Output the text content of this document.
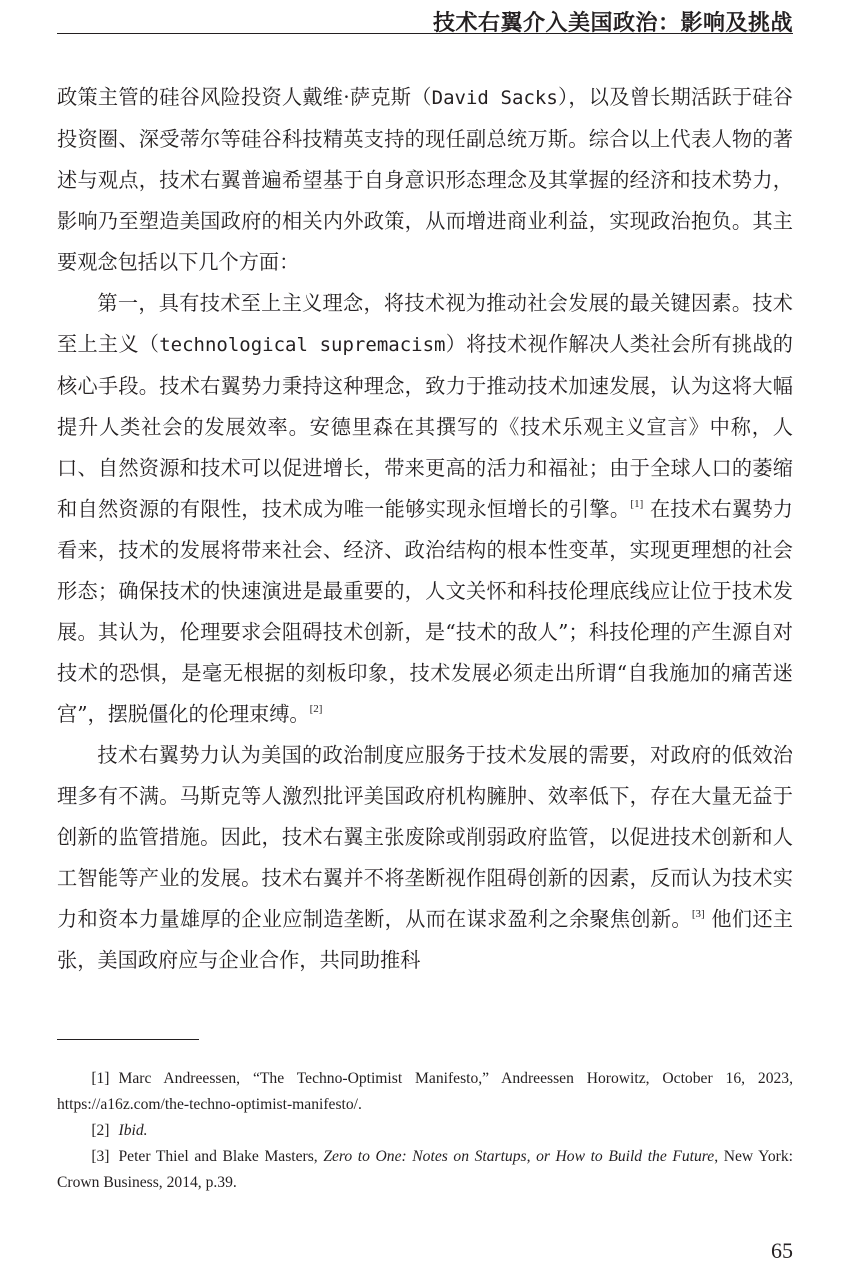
技术右翼介入美国政治：影响及挑战

政策主管的硅谷风险投资人戴维·萨克斯（David Sacks），以及曾长期活跃于硅谷投资圈、深受蒂尔等硅谷科技精英支持的现任副总统万斯。综合以上代表人物的著述与观点，技术右翼普遍希望基于自身意识形态理念及其掌握的经济和技术势力，影响乃至塑造美国政府的相关内外政策，从而增进商业利益，实现政治抱负。其主要观念包括以下几个方面：

第一，具有技术至上主义理念，将技术视为推动社会发展的最关键因素。技术至上主义（technological supremacism）将技术视作解决人类社会所有挑战的核心手段。技术右翼势力秉持这种理念，致力于推动技术加速发展，认为这将大幅提升人类社会的发展效率。安德里森在其撰写的《技术乐观主义宣言》中称，人口、自然资源和技术可以促进增长，带来更高的活力和福祉；由于全球人口的萎缩和自然资源的有限性，技术成为唯一能够实现永恒增长的引擎。[1] 在技术右翼势力看来，技术的发展将带来社会、经济、政治结构的根本性变革，实现更理想的社会形态；确保技术的快速演进是最重要的，人文关怀和科技伦理底线应让位于技术发展。其认为，伦理要求会阻碍技术创新，是“技术的敌人”；科技伦理的产生源自对技术的恐惧，是毫无根据的刻板印象，技术发展必须走出所谓“自我施加的痛苦迷宫”，摆脱僵化的伦理束缚。[2]

技术右翼势力认为美国的政治制度应服务于技术发展的需要，对政府的低效治理多有不满。马斯克等人激烈批评美国政府机构臃肿、效率低下，存在大量无益于创新的监管措施。因此，技术右翼主张废除或削弱政府监管，以促进技术创新和人工智能等产业的发展。技术右翼并不将垄断视作阻碍创新的因素，反而认为技术实力和资本力量雄厚的企业应制造垄断，从而在谋求盈利之余聚焦创新。[3] 他们还主张，美国政府应与企业合作，共同助推科

[1] Marc Andreessen, “The Techno-Optimist Manifesto,” Andreessen Horowitz, October 16, 2023, https://a16z.com/the-techno-optimist-manifesto/.

[2] Ibid.

[3] Peter Thiel and Blake Masters, Zero to One: Notes on Startups, or How to Build the Future, New York: Crown Business, 2014, p.39.

65
